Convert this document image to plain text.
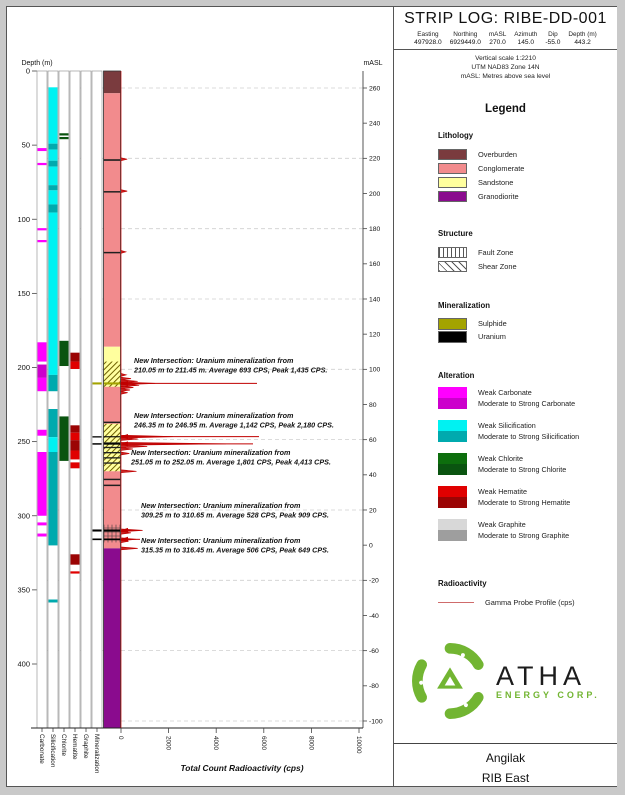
Depth (m)
0
50
100
150
200
250
300
350
400
Carbonate Silicification Chlorite Hematite Graphite Mineralization
mASL
260
240
220
200
180
160
140
120
100
80
60
40
20
0
-20
-40
-60
-80
-100
0	2000	4000	6000	8000	10000
Total Count Radioactivity (cps)
New Intersection: Uranium mineralization from
210.05 m to 211.45 m. Average 693 CPS, Peak 1,435 CPS.
New Intersection: Uranium mineralization from
246.35 m to 246.95 m. Average 1,142 CPS, Peak 2,180 CPS.
New Intersection: Uranium mineralization from
251.05 m to 252.05 m. Average 1,801 CPS, Peak 4,413 CPS.
New Intersection: Uranium mineralization from
309.25 m to 310.65 m. Average 528 CPS, Peak 909 CPS.
New Intersection: Uranium mineralization from
315.35 m to 316.45 m. Average 506 CPS, Peak 649 CPS.
STRIP LOG: RIBE-DD-001
Easting
497928.0
Northing
6929449.0
mASL
270.0
Azimuth
145.0
Dip
-55.0
Depth (m)
443.2
Vertical scale 1:2210
UTM NAD83 Zone 14N
mASL: Metres above sea level
Legend
Lithology
Overburden
Conglomerate
Sandstone
Granodiorite
Structure
Fault Zone
Shear Zone
Mineralization
Sulphide
Uranium
Alteration
Weak Carbonate
Moderate to Strong Carbonate
Weak Silicification
Moderate to Strong Silicification
Weak Chlorite
Moderate to Strong Chlorite
Weak Hematite
Moderate to Strong Hematite
Weak Graphite
Moderate to Strong Graphite
Radioactivity
Gamma Probe Profile (cps)
ATHA
ENERGY CORP.
Angilak
RIB East
